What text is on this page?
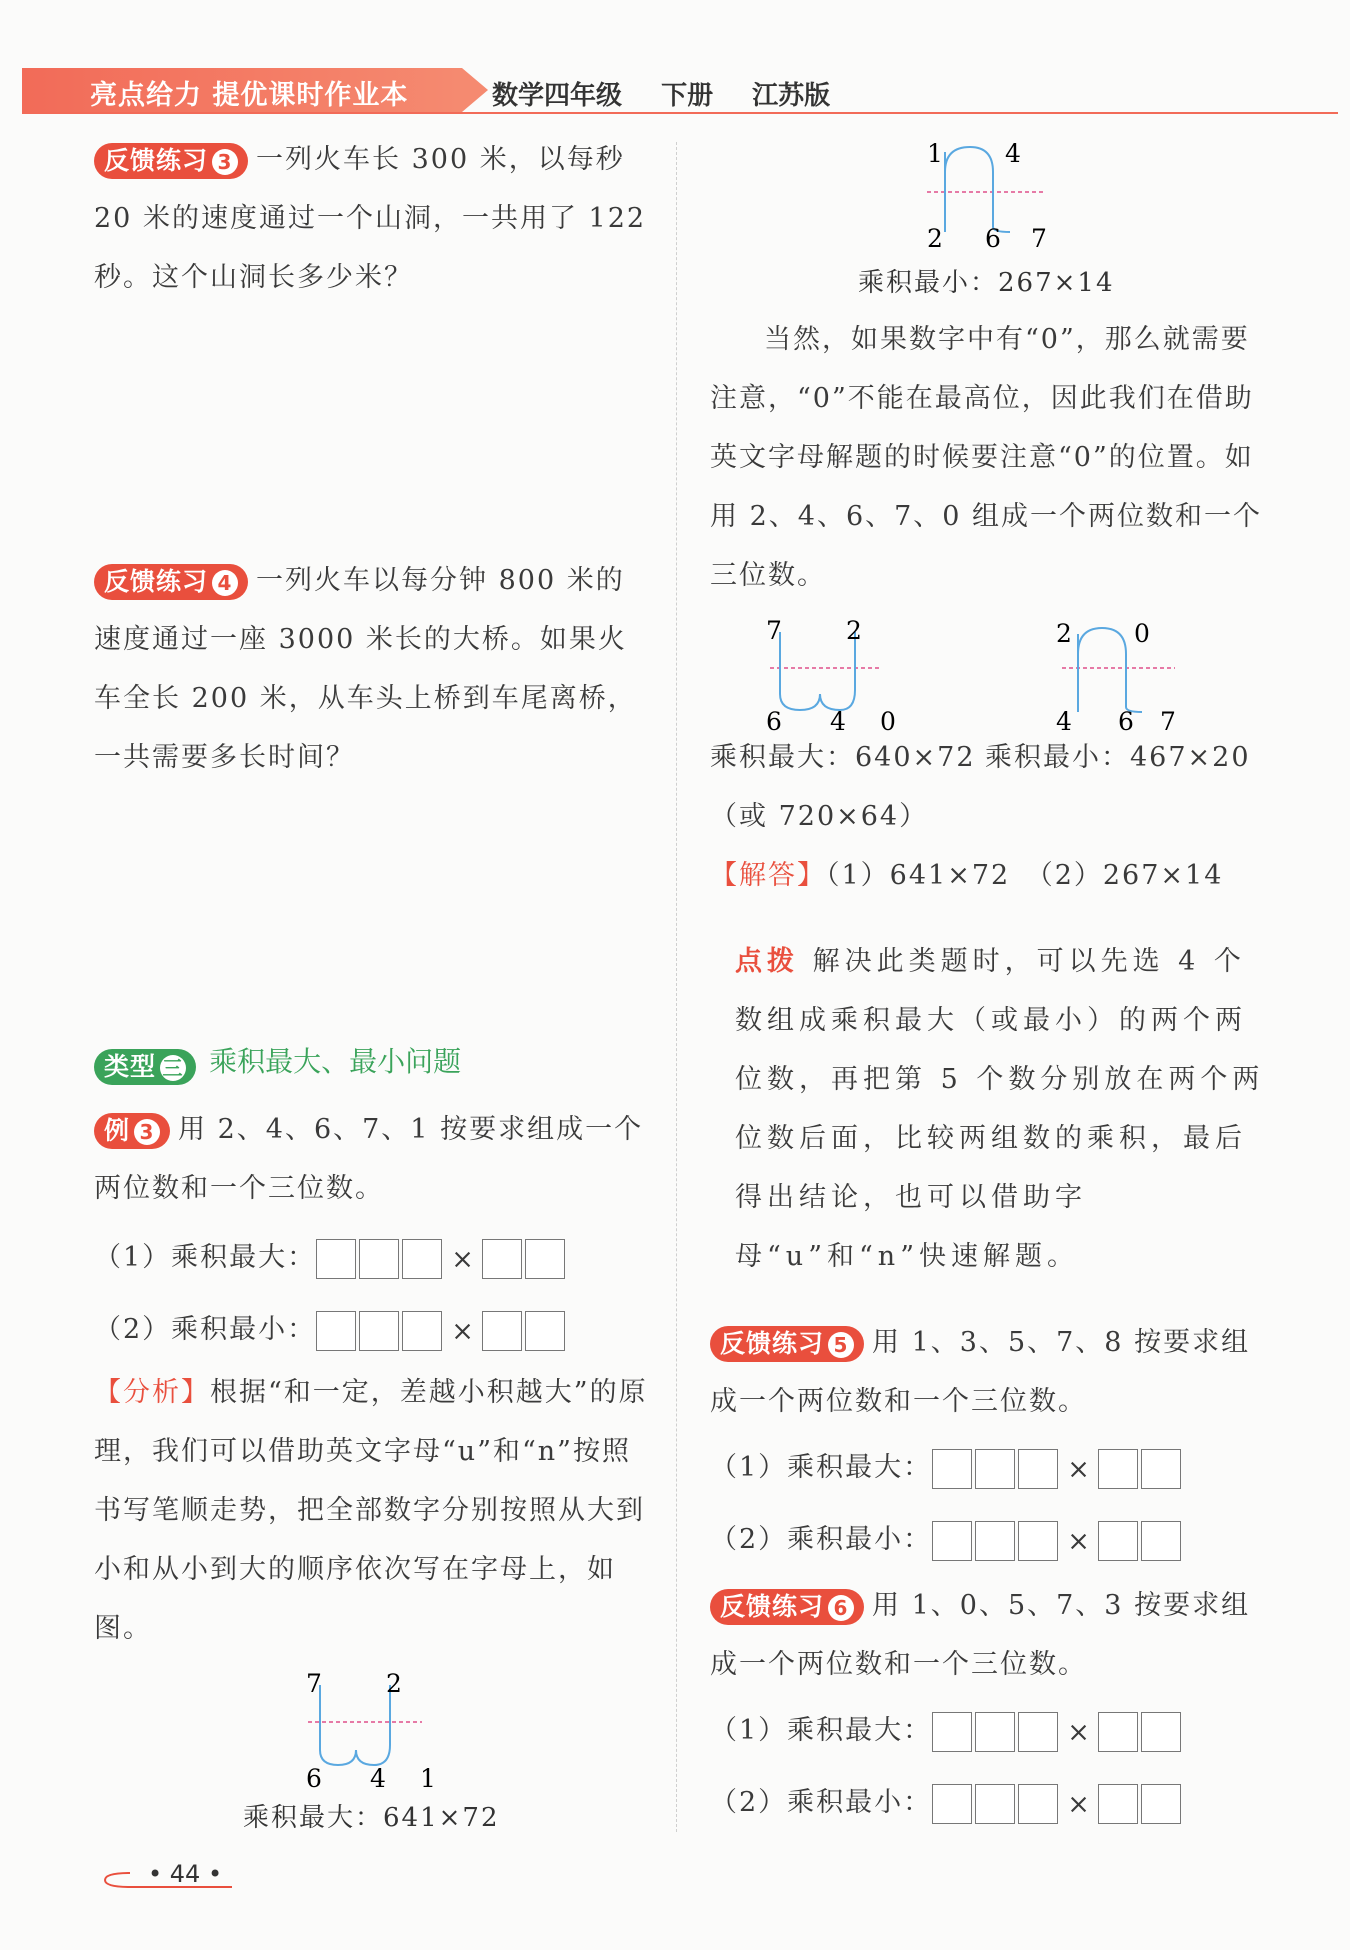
亮点给力 提优课时作业本	数学四年级 下册 江苏版
反馈练习 3 一列火车长 300 米，以每秒 20 米的速度通过一个山洞，一共用了 122 秒。这个山洞长多少米？
反馈练习 4 一列火车以每分钟 800 米的速度通过一座 3000 米长的大桥。如果火车全长 200 米，从车头上桥到车尾离桥，一共需要多长时间？
类型 三 乘积最大、最小问题
例 3 用 2、4、6、7、1 按要求组成一个两位数和一个三位数。
（1）乘积最大：	×
（2）乘积最小：	×
【分析】根据“和一定，差越小积越大”的原理，我们可以借助英文字母“u”和“n”按照书写笔顺走势，把全部数字分别按照从大到小和从小到大的顺序依次写在字母上，如图。
7	2
6 4 1
乘积最大：641×72
• 44 •
1 4
2 6 7
乘积最小：267×14
当然，如果数字中有“0”，那么就需要注意，“0”不能在最高位，因此我们在借助英文字母解题的时候要注意“0”的位置。如用 2、4、6、7、0 组成一个两位数和一个三位数。
7	2
6 4 0
2 0
4 6 7
乘积最大：640×72 乘积最小：467×20
（或 720×64）
【解答】（1）641×72　（2）267×14
点拨 解决此类题时，可以先选 4 个数组成乘积最大（或最小）的两个两位数，再把第 5 个数分别放在两个两位数后面，比较两组数的乘积，最后得出结论，也可以借助字母“u”和“n”快速解题。
反馈练习 5 用 1、3、5、7、8 按要求组成一个两位数和一个三位数。
（1）乘积最大：	×
（2）乘积最小：	×
反馈练习 6 用 1、0、5、7、3 按要求组成一个两位数和一个三位数。
（1）乘积最大：	×
（2）乘积最小：	×
